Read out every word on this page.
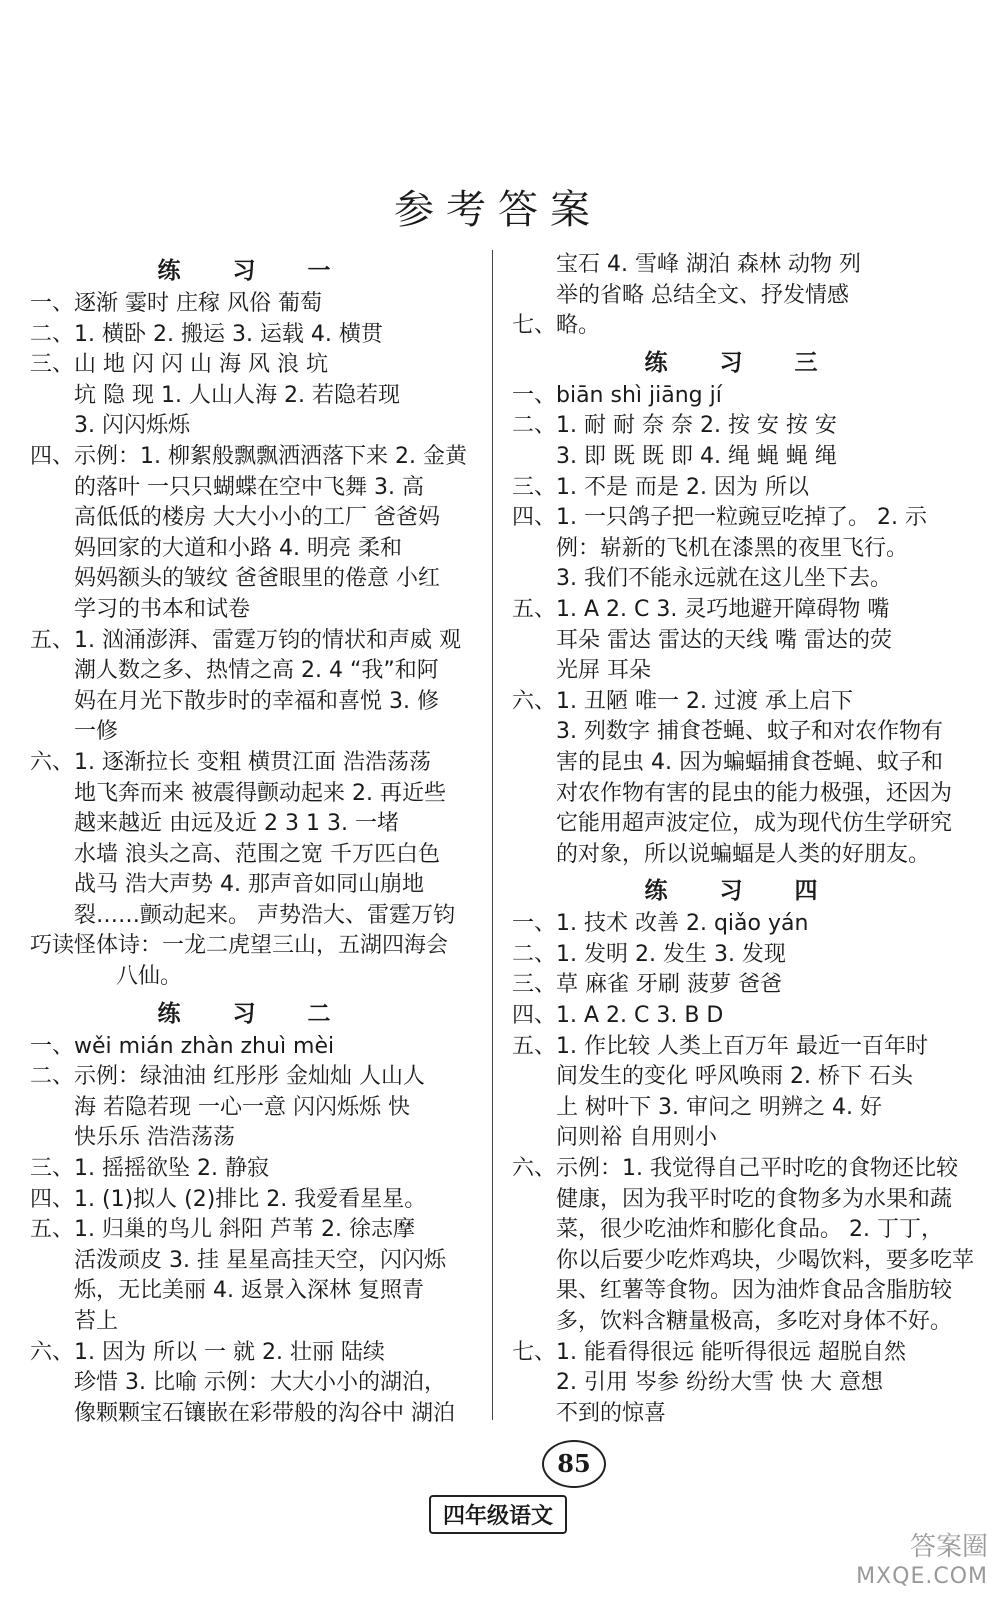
参考答案
练 习 一
一、逐渐 霎时 庄稼 风俗 葡萄
二、1. 横卧 2. 搬运 3. 运载 4. 横贯
三、山 地 闪 闪 山 海 风 浪 坑
坑 隐 现 1. 人山人海 2. 若隐若现
3. 闪闪烁烁
四、示例：1. 柳絮般飘飘洒洒落下来 2. 金黄
的落叶 一只只蝴蝶在空中飞舞 3. 高
高低低的楼房 大大小小的工厂 爸爸妈
妈回家的大道和小路 4. 明亮 柔和
妈妈额头的皱纹 爸爸眼里的倦意 小红
学习的书本和试卷
五、1. 汹涌澎湃、雷霆万钧的情状和声威 观
潮人数之多、热情之高 2. 4 “我”和阿
妈在月光下散步时的幸福和喜悦 3. 修
一修
六、1. 逐渐拉长 变粗 横贯江面 浩浩荡荡
地飞奔而来 被震得颤动起来 2. 再近些
越来越近 由远及近 2 3 1 3. 一堵
水墙 浪头之高、范围之宽 千万匹白色
战马 浩大声势 4. 那声音如同山崩地
裂……颤动起来。 声势浩大、雷霆万钧
巧读怪体诗：一龙二虎望三山，五湖四海会
八仙。
练 习 二
一、wěi mián zhàn zhuì mèi
二、示例：绿油油 红彤彤 金灿灿 人山人
海 若隐若现 一心一意 闪闪烁烁 快
快乐乐 浩浩荡荡
三、1. 摇摇欲坠 2. 静寂
四、1. (1)拟人 (2)排比 2. 我爱看星星。
五、1. 归巢的鸟儿 斜阳 芦苇 2. 徐志摩
活泼顽皮 3. 挂 星星高挂天空，闪闪烁
烁，无比美丽 4. 返景入深林 复照青
苔上
六、1. 因为 所以 一 就 2. 壮丽 陆续
珍惜 3. 比喻 示例：大大小小的湖泊，
像颗颗宝石镶嵌在彩带般的沟谷中 湖泊
宝石 4. 雪峰 湖泊 森林 动物 列
举的省略 总结全文、抒发情感
七、略。
练 习 三
一、biān shì jiāng jí
二、1. 耐 耐 奈 奈 2. 按 安 按 安
3. 即 既 既 即 4. 绳 蝇 蝇 绳
三、1. 不是 而是 2. 因为 所以
四、1. 一只鸽子把一粒豌豆吃掉了。 2. 示
例：崭新的飞机在漆黑的夜里飞行。
3. 我们不能永远就在这儿坐下去。
五、1. A 2. C 3. 灵巧地避开障碍物 嘴
耳朵 雷达 雷达的天线 嘴 雷达的荧
光屏 耳朵
六、1. 丑陋 唯一 2. 过渡 承上启下
3. 列数字 捕食苍蝇、蚊子和对农作物有
害的昆虫 4. 因为蝙蝠捕食苍蝇、蚊子和
对农作物有害的昆虫的能力极强，还因为
它能用超声波定位，成为现代仿生学研究
的对象，所以说蝙蝠是人类的好朋友。
练 习 四
一、1. 技术 改善 2. qiǎo yán
二、1. 发明 2. 发生 3. 发现
三、草 麻雀 牙刷 菠萝 爸爸
四、1. A 2. C 3. B D
五、1. 作比较 人类上百万年 最近一百年时
间发生的变化 呼风唤雨 2. 桥下 石头
上 树叶下 3. 审问之 明辨之 4. 好
问则裕 自用则小
六、示例：1. 我觉得自己平时吃的食物还比较
健康，因为我平时吃的食物多为水果和蔬
菜，很少吃油炸和膨化食品。 2. 丁丁，
你以后要少吃炸鸡块，少喝饮料，要多吃苹
果、红薯等食物。因为油炸食品含脂肪较
多，饮料含糖量极高，多吃对身体不好。
七、1. 能看得很远 能听得很远 超脱自然
2. 引用 岑参 纷纷大雪 快 大 意想
不到的惊喜
85
四年级语文
答案圈
MXQE.COM
